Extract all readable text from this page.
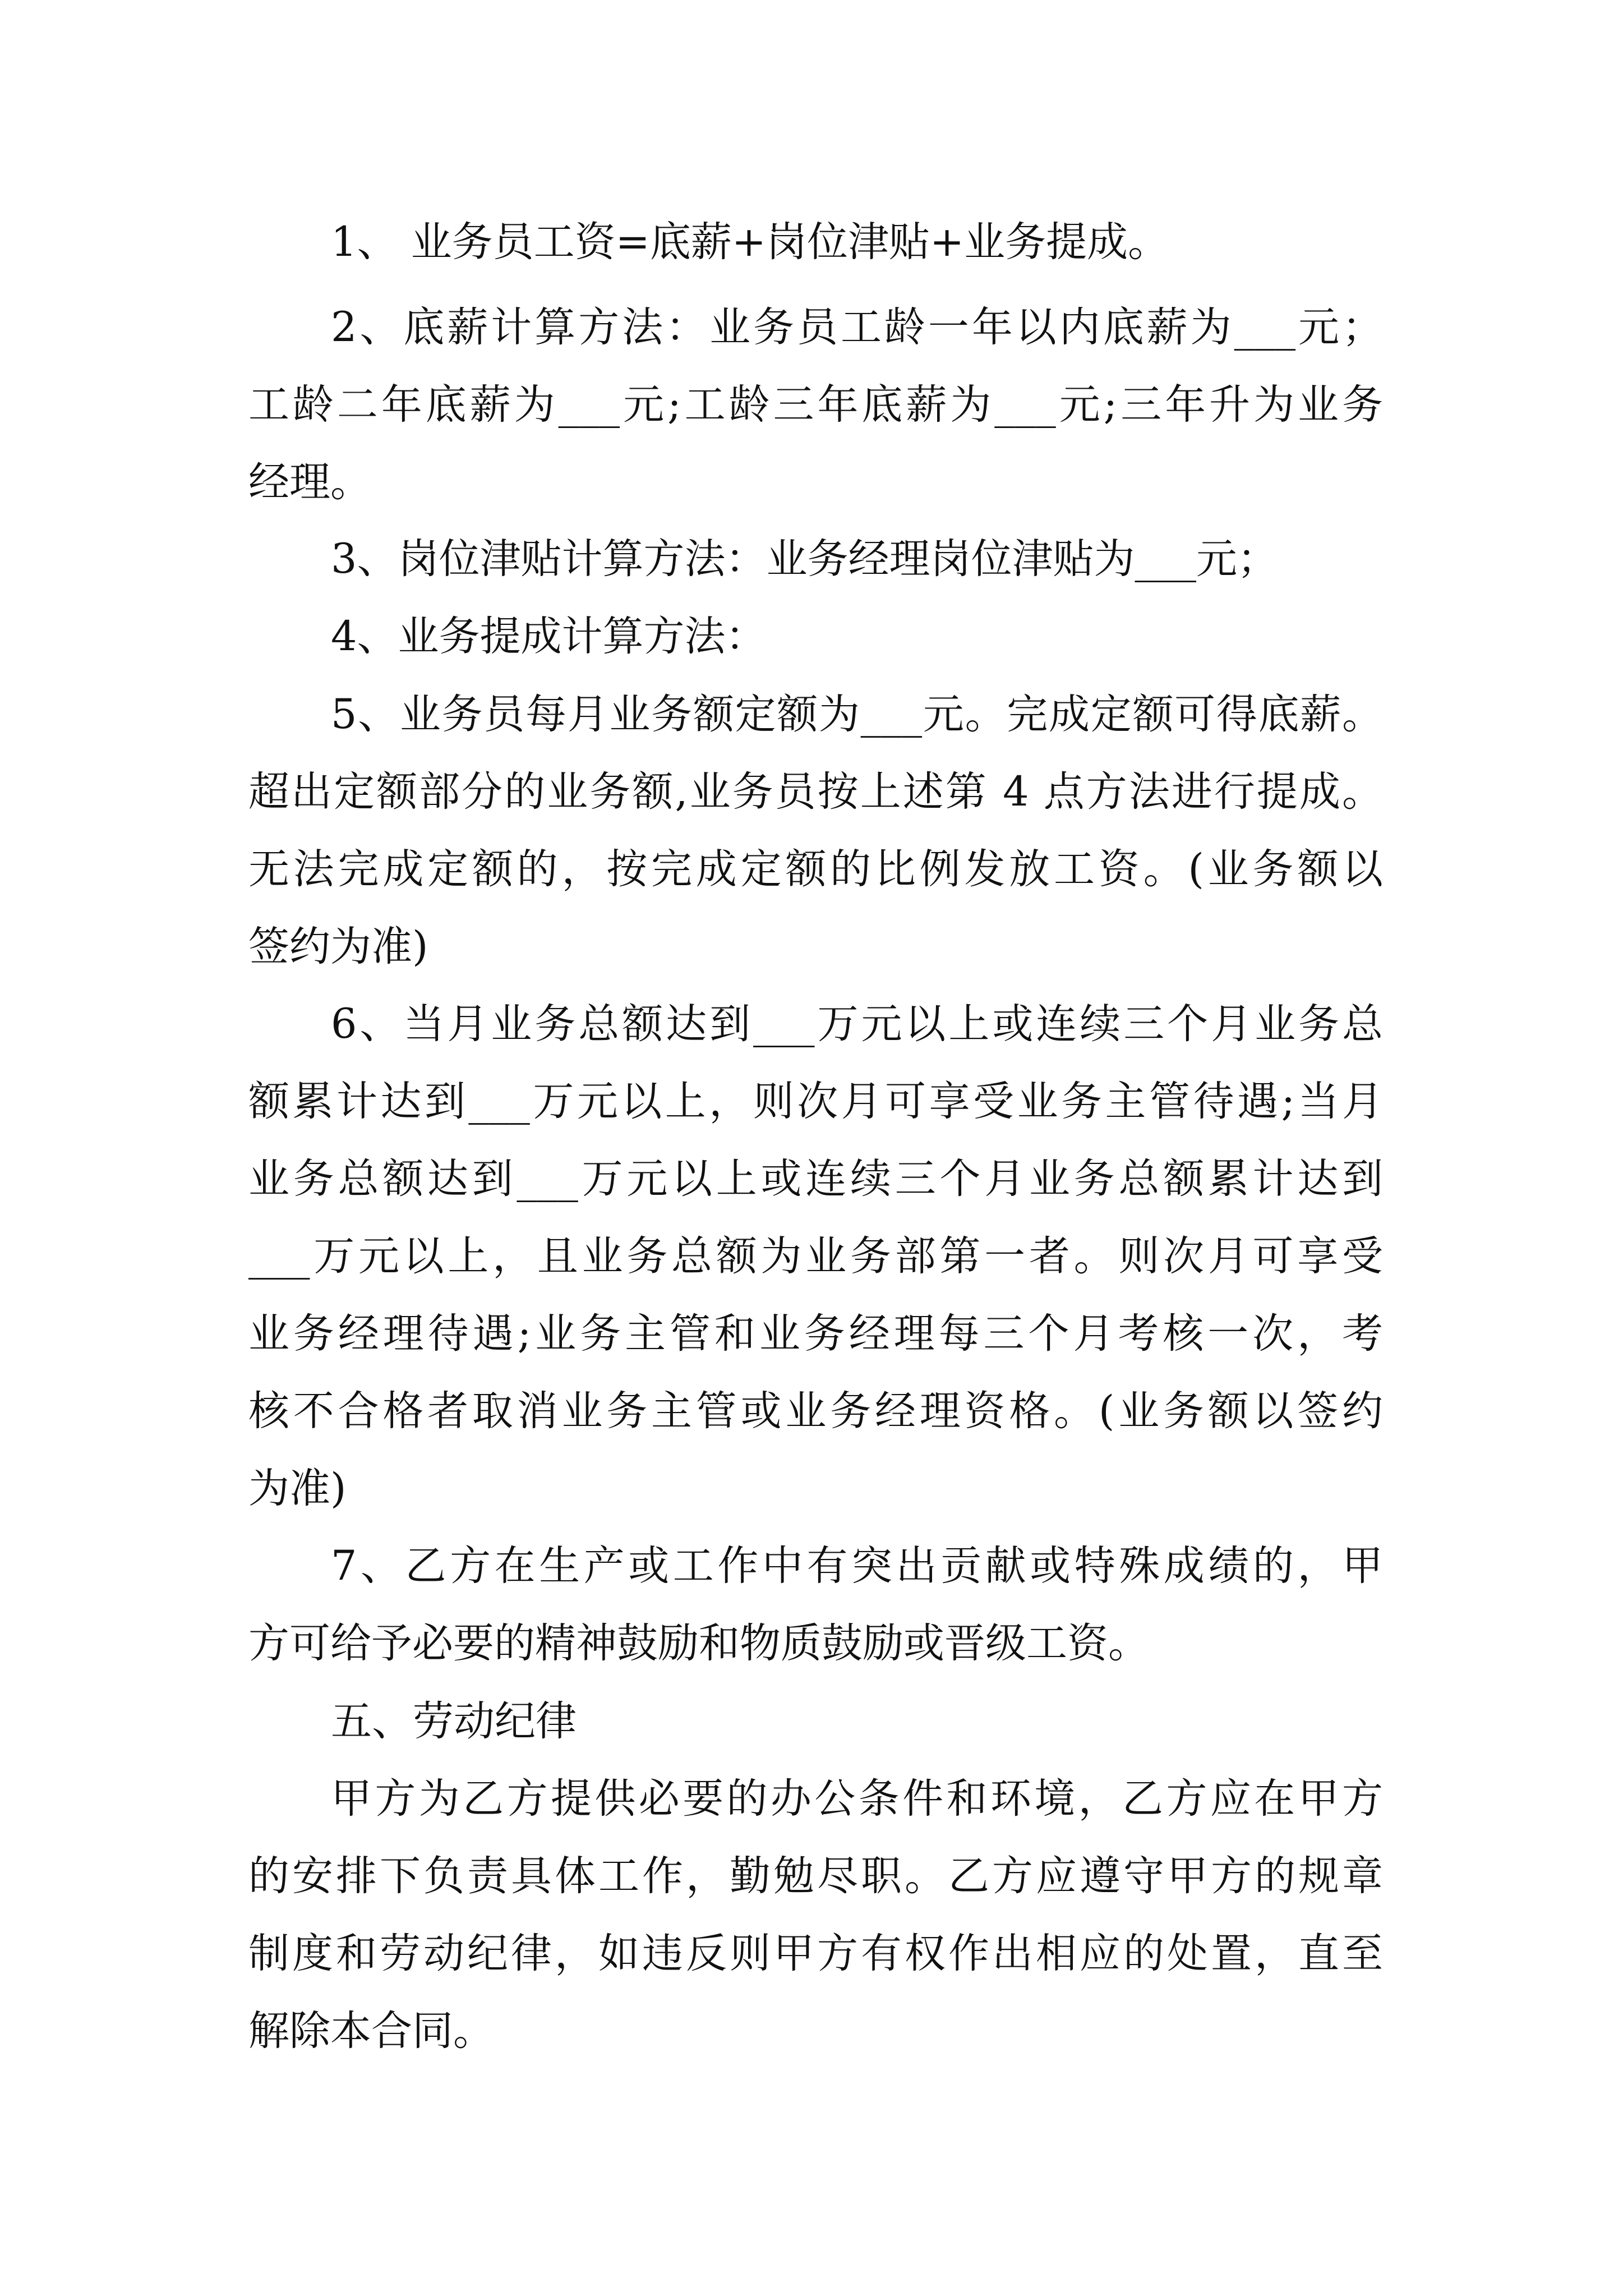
1、 业务员工资=底薪+岗位津贴+业务提成。
2、底薪计算方法：业务员工龄一年以内底薪为___元；
工龄二年底薪为___元;工龄三年底薪为___元;三年升为业务
经理。
3、岗位津贴计算方法：业务经理岗位津贴为___元；
4、业务提成计算方法：
5、业务员每月业务额定额为___元。完成定额可得底薪。
超出定额部分的业务额,业务员按上述第 4 点方法进行提成。
无法完成定额的，按完成定额的比例发放工资。(业务额以
签约为准)
6、当月业务总额达到___万元以上或连续三个月业务总
额累计达到___万元以上，则次月可享受业务主管待遇;当月
业务总额达到___万元以上或连续三个月业务总额累计达到
___万元以上，且业务总额为业务部第一者。则次月可享受
业务经理待遇;业务主管和业务经理每三个月考核一次，考
核不合格者取消业务主管或业务经理资格。(业务额以签约
为准)
7、乙方在生产或工作中有突出贡献或特殊成绩的，甲
方可给予必要的精神鼓励和物质鼓励或晋级工资。
五、劳动纪律
甲方为乙方提供必要的办公条件和环境，乙方应在甲方
的安排下负责具体工作，勤勉尽职。乙方应遵守甲方的规章
制度和劳动纪律，如违反则甲方有权作出相应的处置，直至
解除本合同。
